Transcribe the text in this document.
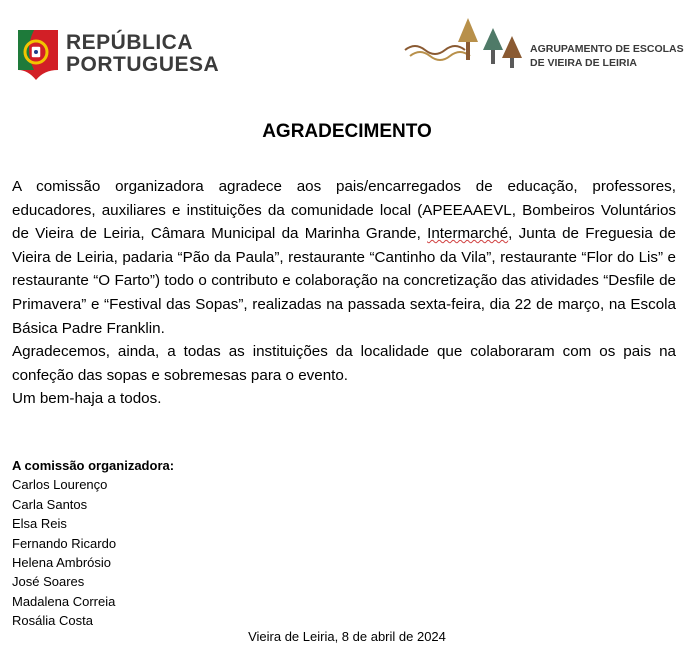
REPÚBLICA
PORTUGUESA
AGRUPAMENTO DE ESCOLAS
DE VIEIRA DE LEIRIA
AGRADECIMENTO

A comissão organizadora agradece aos pais/encarregados de educação, professores, educadores, auxiliares e instituições da comunidade local (APEEAAEVL, Bombeiros Voluntários de Vieira de Leiria, Câmara Municipal da Marinha Grande, Intermarché, Junta de Freguesia de Vieira de Leiria, padaria “Pão da Paula”, restaurante “Cantinho da Vila”, restaurante “Flor do Lis” e restaurante “O Farto”) todo o contributo e colaboração na concretização das atividades “Desfile de Primavera” e “Festival das Sopas”, realizadas na passada sexta-feira, dia 22 de março, na Escola Básica Padre Franklin.

Agradecemos, ainda, a todas as instituições da localidade que colaboraram com os pais na confeção das sopas e sobremesas para o evento.

Um bem-haja a todos.

A comissão organizadora:
Carlos Lourenço
Carla Santos
Elsa Reis
Fernando Ricardo
Helena Ambrósio
José Soares
Madalena Correia
Rosália Costa
Vieira de Leiria, 8 de abril de 2024
